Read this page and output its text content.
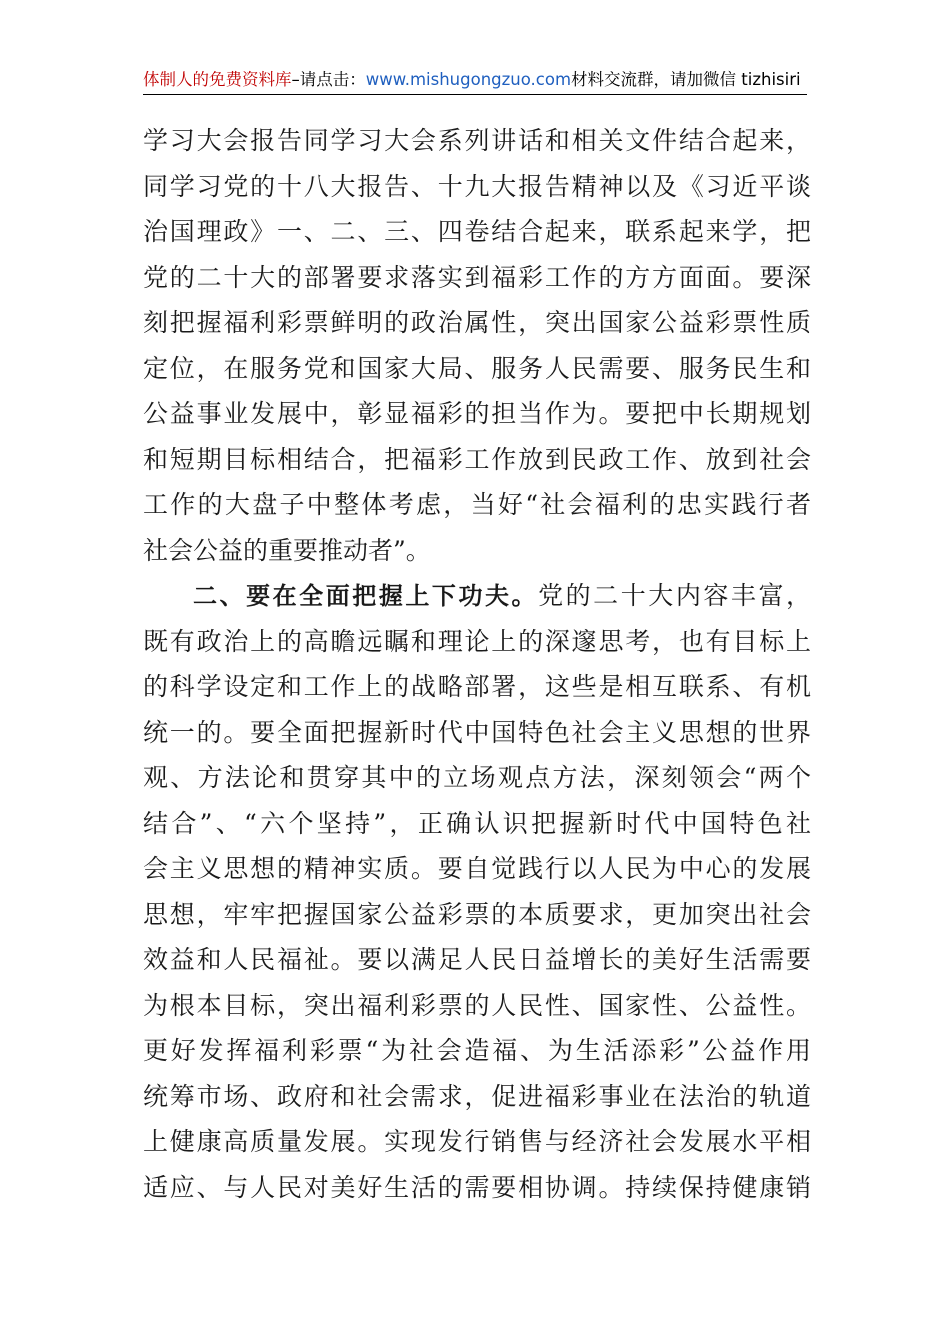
体制人的免费资料库–请点击：www.mishugongzuo.com材料交流群，请加微信 tizhisiri
学习大会报告同学习大会系列讲话和相关文件结合起来，
同学习党的十八大报告、十九大报告精神以及《习近平谈
治国理政》一、二、三、四卷结合起来，联系起来学，把
党的二十大的部署要求落实到福彩工作的方方面面。要深
刻把握福利彩票鲜明的政治属性，突出国家公益彩票性质
定位，在服务党和国家大局、服务人民需要、服务民生和
公益事业发展中，彰显福彩的担当作为。要把中长期规划
和短期目标相结合，把福彩工作放到民政工作、放到社会
工作的大盘子中整体考虑，当好“社会福利的忠实践行者
社会公益的重要推动者”。
二、要在全面把握上下功夫。党的二十大内容丰富，
既有政治上的高瞻远瞩和理论上的深邃思考，也有目标上
的科学设定和工作上的战略部署，这些是相互联系、有机
统一的。要全面把握新时代中国特色社会主义思想的世界
观、方法论和贯穿其中的立场观点方法，深刻领会“两个
结合”、“六个坚持”，正确认识把握新时代中国特色社
会主义思想的精神实质。要自觉践行以人民为中心的发展
思想，牢牢把握国家公益彩票的本质要求，更加突出社会
效益和人民福祉。要以满足人民日益增长的美好生活需要
为根本目标，突出福利彩票的人民性、国家性、公益性。
更好发挥福利彩票“为社会造福、为生活添彩”公益作用
统筹市场、政府和社会需求，促进福彩事业在法治的轨道
上健康高质量发展。实现发行销售与经济社会发展水平相
适应、与人民对美好生活的需要相协调。持续保持健康销
